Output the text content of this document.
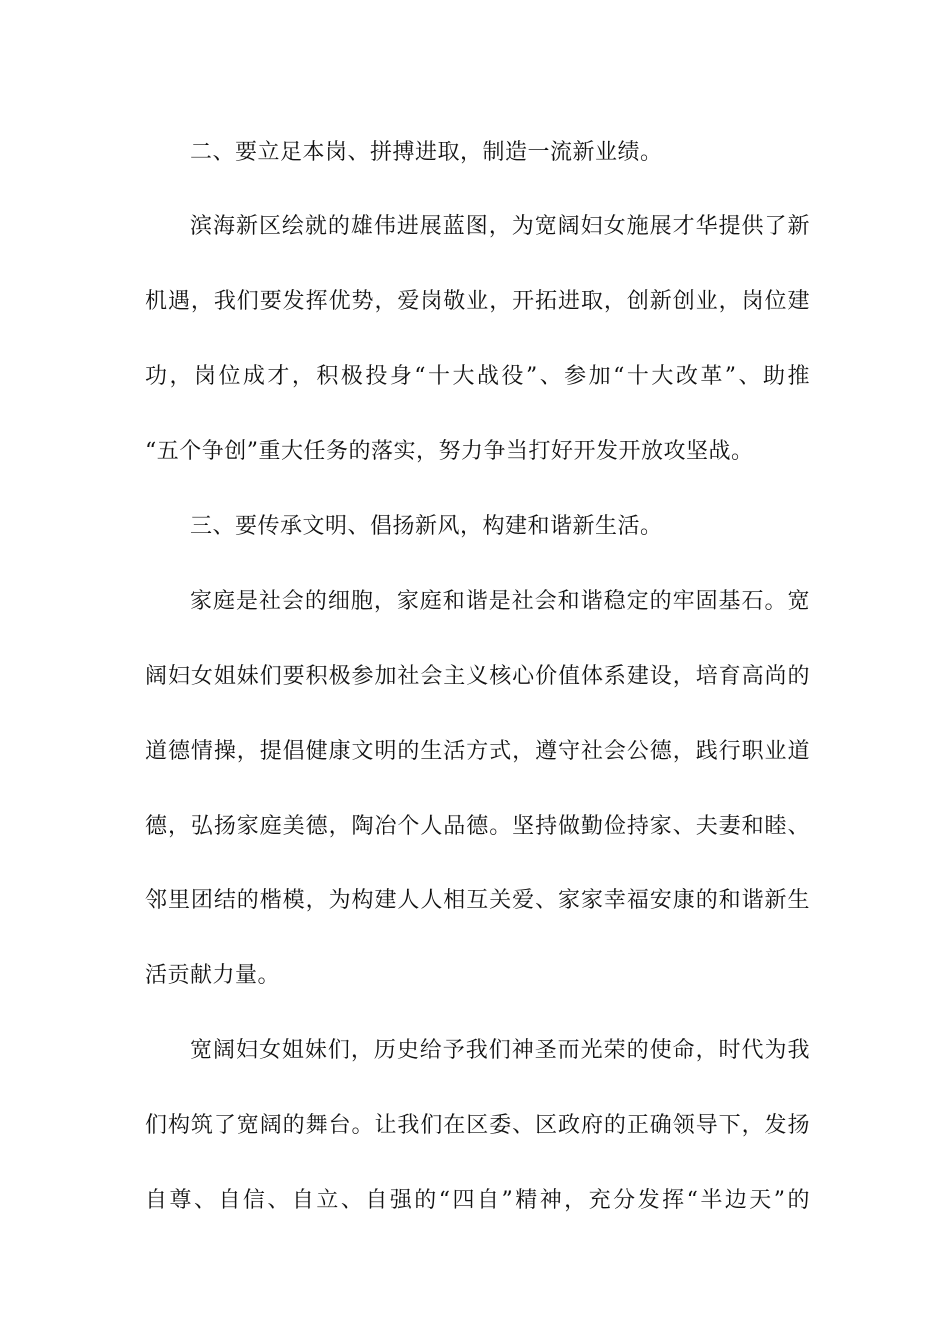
二、要立足本岗、拼搏进取，制造一流新业绩。
滨海新区绘就的雄伟进展蓝图，为宽阔妇女施展才华提供了新
机遇，我们要发挥优势，爱岗敬业，开拓进取，创新创业，岗位建
功，岗位成才，积极投身“十大战役”、参加“十大改革”、助推
“五个争创”重大任务的落实，努力争当打好开发开放攻坚战。
三、要传承文明、倡扬新风，构建和谐新生活。
家庭是社会的细胞，家庭和谐是社会和谐稳定的牢固基石。宽
阔妇女姐妹们要积极参加社会主义核心价值体系建设，培育高尚的
道德情操，提倡健康文明的生活方式，遵守社会公德，践行职业道
德，弘扬家庭美德，陶冶个人品德。坚持做勤俭持家、夫妻和睦、
邻里团结的楷模，为构建人人相互关爱、家家幸福安康的和谐新生
活贡献力量。
宽阔妇女姐妹们，历史给予我们神圣而光荣的使命，时代为我
们构筑了宽阔的舞台。让我们在区委、区政府的正确领导下，发扬
自尊、自信、自立、自强的“四自”精神，充分发挥“半边天”的
